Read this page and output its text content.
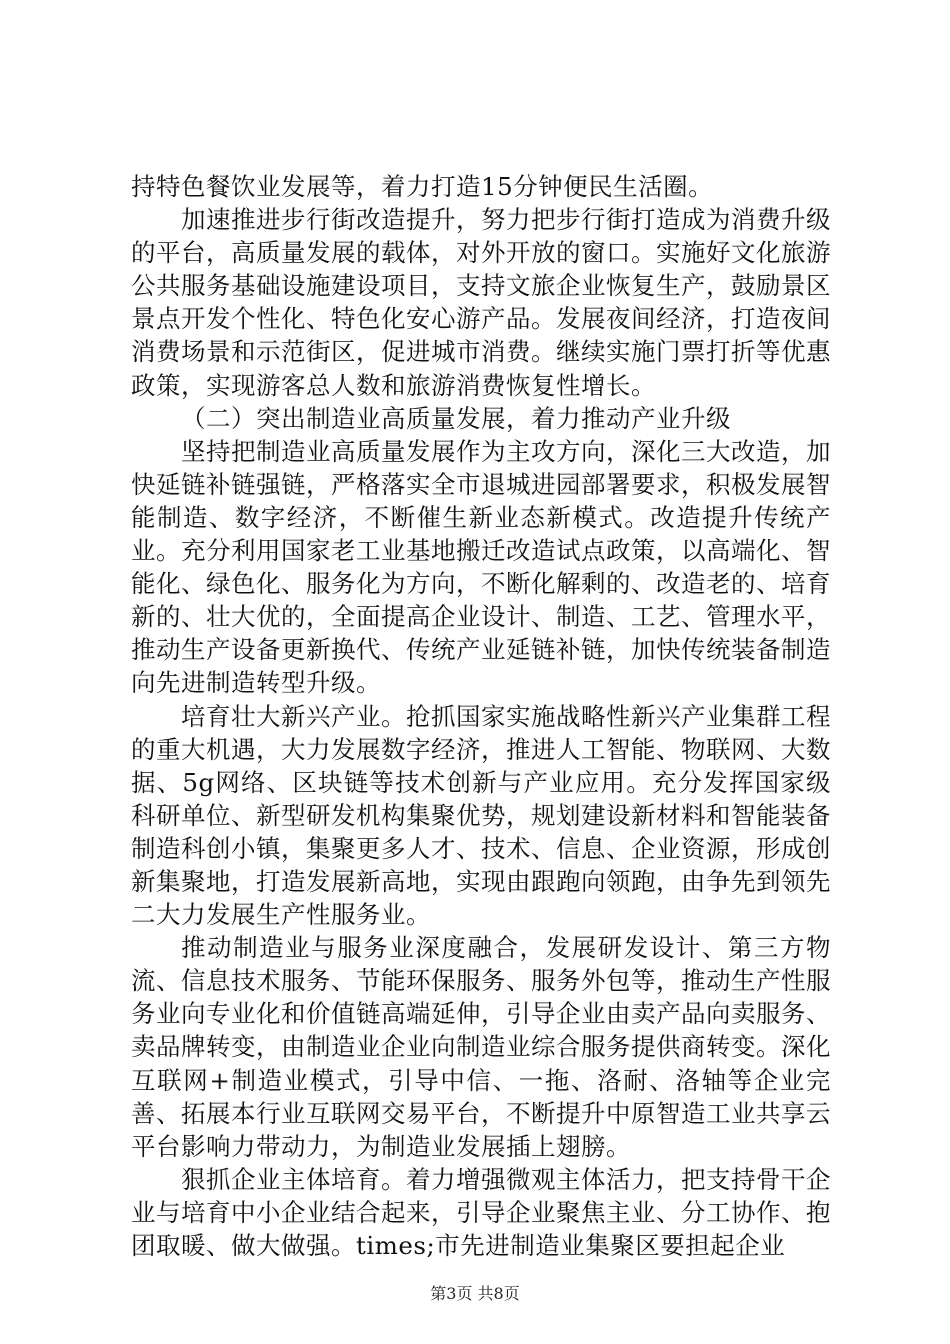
持特色餐饮业发展等，着力打造15分钟便民生活圈。

加速推进步行街改造提升，努力把步行街打造成为消费升级的平台，高质量发展的载体，对外开放的窗口。实施好文化旅游公共服务基础设施建设项目，支持文旅企业恢复生产，鼓励景区景点开发个性化、特色化安心游产品。发展夜间经济，打造夜间消费场景和示范街区，促进城市消费。继续实施门票打折等优惠政策，实现游客总人数和旅游消费恢复性增长。

（二）突出制造业高质量发展，着力推动产业升级

坚持把制造业高质量发展作为主攻方向，深化三大改造，加快延链补链强链，严格落实全市退城进园部署要求，积极发展智能制造、数字经济，不断催生新业态新模式。改造提升传统产业。充分利用国家老工业基地搬迁改造试点政策，以高端化、智能化、绿色化、服务化为方向，不断化解剩的、改造老的、培育新的、壮大优的，全面提高企业设计、制造、工艺、管理水平，推动生产设备更新换代、传统产业延链补链，加快传统装备制造向先进制造转型升级。

培育壮大新兴产业。抢抓国家实施战略性新兴产业集群工程的重大机遇，大力发展数字经济，推进人工智能、物联网、大数据、5g网络、区块链等技术创新与产业应用。充分发挥国家级科研单位、新型研发机构集聚优势，规划建设新材料和智能装备制造科创小镇，集聚更多人才、技术、信息、企业资源，形成创新集聚地，打造发展新高地，实现由跟跑向领跑，由争先到领先二大力发展生产性服务业。

推动制造业与服务业深度融合，发展研发设计、第三方物流、信息技术服务、节能环保服务、服务外包等，推动生产性服务业向专业化和价值链高端延伸，引导企业由卖产品向卖服务、卖品牌转变，由制造业企业向制造业综合服务提供商转变。深化互联网+制造业模式，引导中信、一拖、洛耐、洛轴等企业完善、拓展本行业互联网交易平台，不断提升中原智造工业共享云平台影响力带动力，为制造业发展插上翅膀。

狠抓企业主体培育。着力增强微观主体活力，把支持骨干企业与培育中小企业结合起来，引导企业聚焦主业、分工协作、抱团取暖、做大做强。times;市先进制造业集聚区要担起企业

第3页 共8页
